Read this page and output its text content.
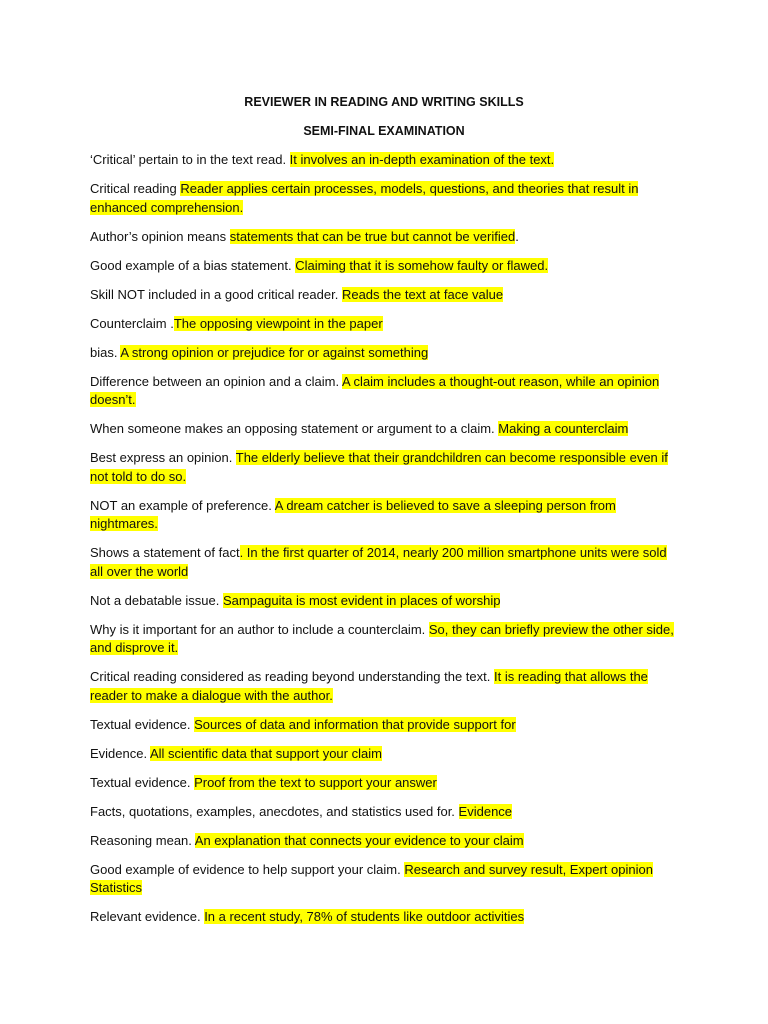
REVIEWER IN READING AND WRITING SKILLS
SEMI-FINAL EXAMINATION
‘Critical’ pertain to in the text read. It involves an in-depth examination of the text.
Critical reading Reader applies certain processes, models, questions, and theories that result in enhanced comprehension.
Author’s opinion means statements that can be true but cannot be verified.
Good example of a bias statement. Claiming that it is somehow faulty or flawed.
Skill NOT included in a good critical reader. Reads the text at face value
Counterclaim .The opposing viewpoint in the paper
bias. A strong opinion or prejudice for or against something
Difference between an opinion and a claim. A claim includes a thought-out reason, while an opinion doesn’t.
When someone makes an opposing statement or argument to a claim. Making a counterclaim
Best express an opinion. The elderly believe that their grandchildren can become responsible even if not told to do so.
NOT an example of preference. A dream catcher is believed to save a sleeping person from nightmares.
Shows a statement of fact. In the first quarter of 2014, nearly 200 million smartphone units were sold all over the world
Not a debatable issue. Sampaguita is most evident in places of worship
Why is it important for an author to include a counterclaim. So, they can briefly preview the other side, and disprove it.
Critical reading considered as reading beyond understanding the text. It is reading that allows the reader to make a dialogue with the author.
Textual evidence. Sources of data and information that provide support for
Evidence. All scientific data that support your claim
Textual evidence. Proof from the text to support your answer
Facts, quotations, examples, anecdotes, and statistics used for. Evidence
Reasoning mean. An explanation that connects your evidence to your claim
Good example of evidence to help support your claim. Research and survey result, Expert opinion Statistics
Relevant evidence. In a recent study, 78% of students like outdoor activities
